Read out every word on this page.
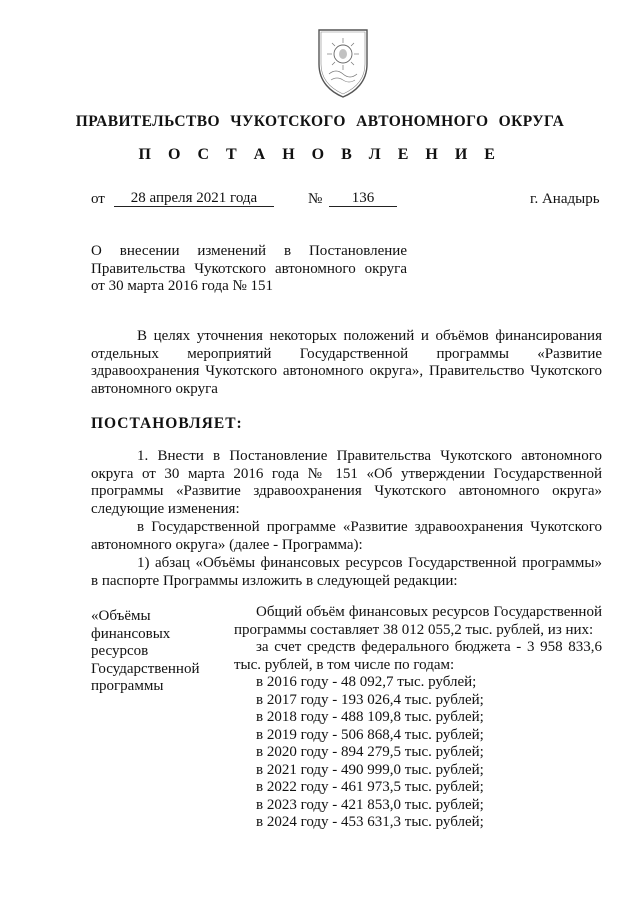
ПРАВИТЕЛЬСТВО ЧУКОТСКОГО АВТОНОМНОГО ОКРУГА
П О С Т А Н О В Л Е Н И Е
от	28 апреля 2021 года	№	136	г. Анадырь
О внесении изменений в Постановление
Правительства Чукотского автономного округа
от 30 марта 2016 года № 151
В целях уточнения некоторых положений и объёмов финансирования отдельных мероприятий Государственной программы «Развитие здравоохранения Чукотского автономного округа», Правительство Чукотского автономного округа
ПОСТАНОВЛЯЕТ:
1. Внести в Постановление Правительства Чукотского автономного округа от 30 марта 2016 года № 151 «Об утверждении Государственной программы «Развитие здравоохранения Чукотского автономного округа» следующие изменения:
в Государственной программе «Развитие здравоохранения Чукотского автономного округа» (далее - Программа):
1) абзац «Объёмы финансовых ресурсов Государственной программы» в паспорте Программы изложить в следующей редакции:
«Объёмы
финансовых
ресурсов
Государственной
программы
Общий объём финансовых ресурсов Государственной программы составляет 38 012 055,2 тыс. рублей, из них:
за счет средств федерального бюджета - 3 958 833,6 тыс. рублей, в том числе по годам:
в 2016 году - 48 092,7 тыс. рублей;
в 2017 году - 193 026,4 тыс. рублей;
в 2018 году - 488 109,8 тыс. рублей;
в 2019 году - 506 868,4 тыс. рублей;
в 2020 году - 894 279,5 тыс. рублей;
в 2021 году - 490 999,0 тыс. рублей;
в 2022 году - 461 973,5 тыс. рублей;
в 2023 году - 421 853,0 тыс. рублей;
в 2024 году - 453 631,3 тыс. рублей;
